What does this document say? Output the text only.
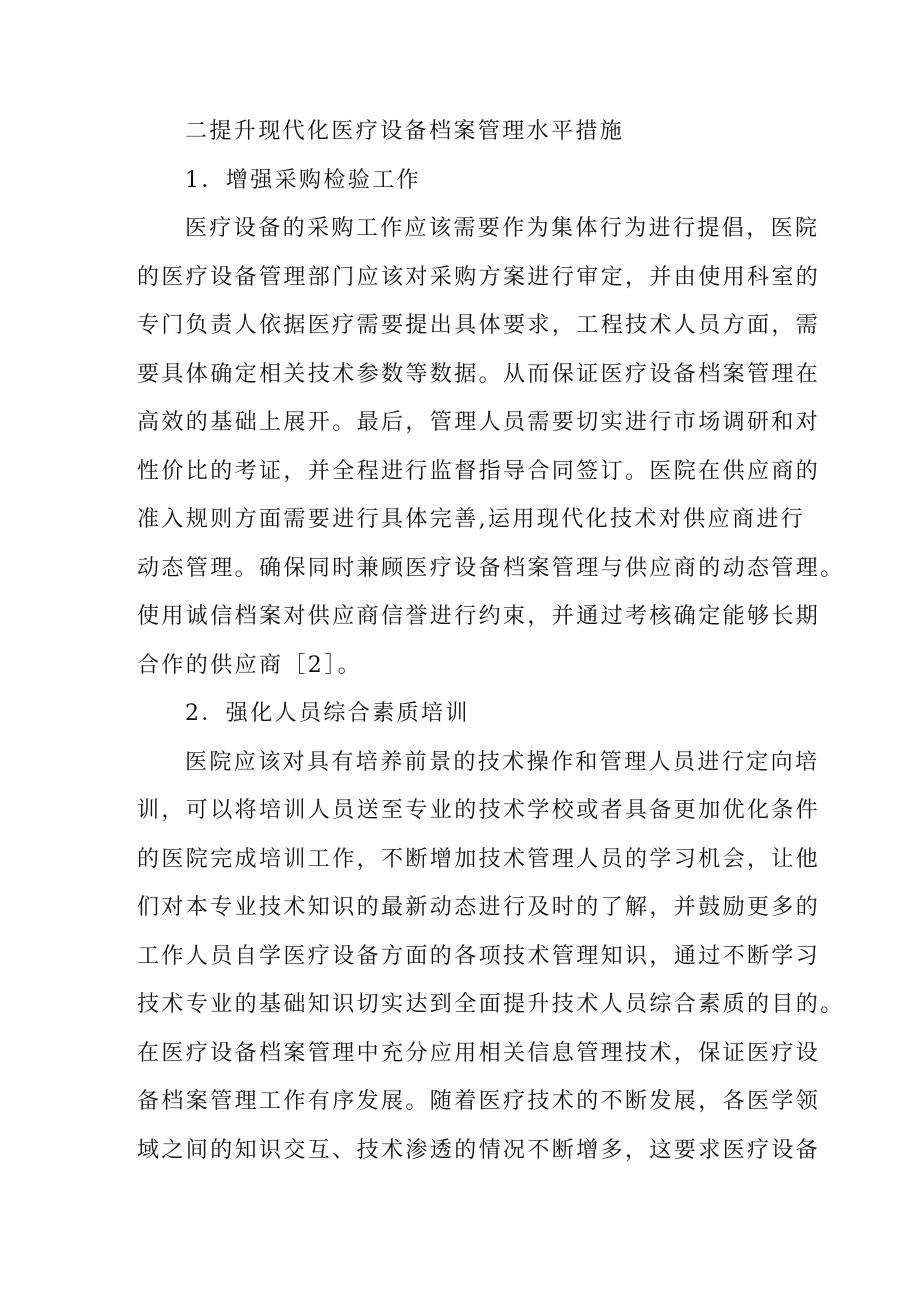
二提升现代化医疗设备档案管理水平措施
1．增强采购检验工作
医疗设备的采购工作应该需要作为集体行为进行提倡，医院
的医疗设备管理部门应该对采购方案进行审定，并由使用科室的
专门负责人依据医疗需要提出具体要求，工程技术人员方面，需
要具体确定相关技术参数等数据。从而保证医疗设备档案管理在
高效的基础上展开。最后，管理人员需要切实进行市场调研和对
性价比的考证，并全程进行监督指导合同签订。医院在供应商的
准入规则方面需要进行具体完善,运用现代化技术对供应商进行
动态管理。确保同时兼顾医疗设备档案管理与供应商的动态管理。
使用诚信档案对供应商信誉进行约束，并通过考核确定能够长期
合作的供应商［2］。
2．强化人员综合素质培训
医院应该对具有培养前景的技术操作和管理人员进行定向培
训，可以将培训人员送至专业的技术学校或者具备更加优化条件
的医院完成培训工作，不断增加技术管理人员的学习机会，让他
们对本专业技术知识的最新动态进行及时的了解，并鼓励更多的
工作人员自学医疗设备方面的各项技术管理知识，通过不断学习
技术专业的基础知识切实达到全面提升技术人员综合素质的目的。
在医疗设备档案管理中充分应用相关信息管理技术，保证医疗设
备档案管理工作有序发展。随着医疗技术的不断发展，各医学领
域之间的知识交互、技术渗透的情况不断增多，这要求医疗设备
